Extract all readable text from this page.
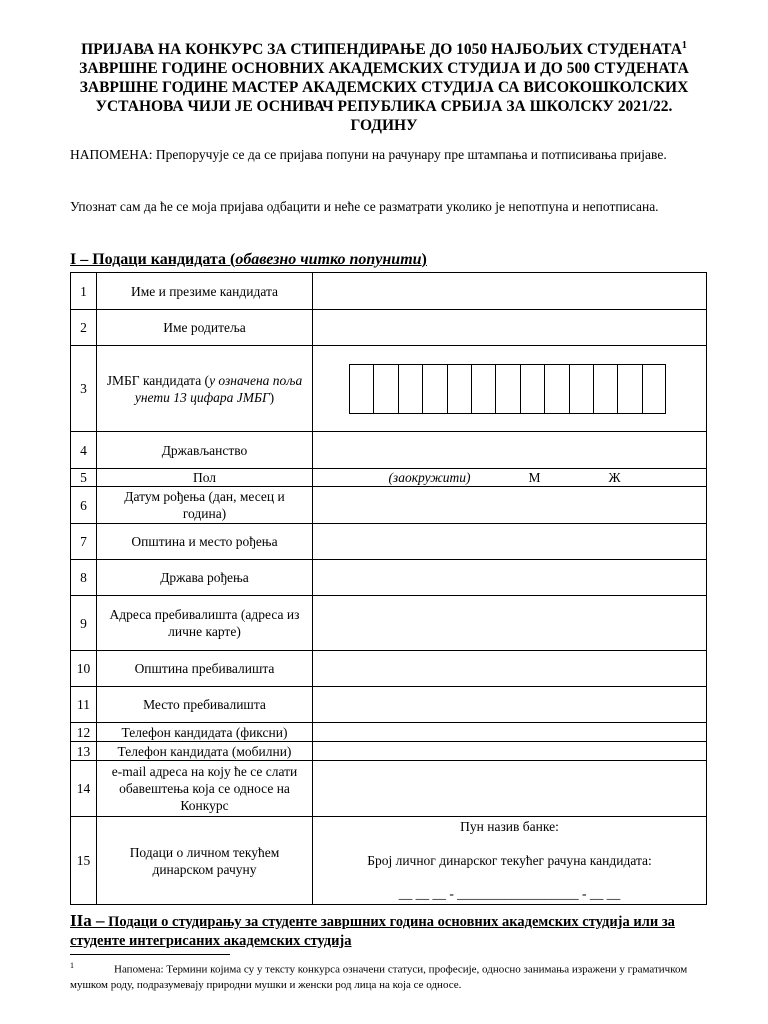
ПРИЈАВА НА КОНКУРС ЗА СТИПЕНДИРАЊЕ ДО 1050 НАЈБОЉИХ СТУДЕНАТА$^1$ ЗАВРШНЕ ГОДИНЕ ОСНОВНИХ АКАДЕМСКИХ СТУДИЈА И ДО 500 СТУДЕНАТА ЗАВРШНЕ ГОДИНЕ МАСТЕР АКАДЕМСКИХ СТУДИЈА СА ВИСОКОШКОЛСКИХ УСТАНОВА ЧИЈИ ЈЕ ОСНИВАЧ РЕПУБЛИКА СРБИЈА ЗА ШКОЛСКУ 2021/22. ГОДИНУ
НАПОМЕНА: Препоручује се да се пријава попуни на рачунару пре штампања и потписивања пријаве.
Упознат сам да ће се моја пријава одбацити и неће се разматрати уколико је непотпуна и непотписана.
I – Подаци кандидата (обавезно читко попунити)
1	Име и презиме кандидата	
2	Име родитеља	
3	ЈМБГ кандидата (у означена поља унети 13 цифара ЈМБГ)	

4	Држављанство	
5	Пол	(заокружити) М Ж

6	Датум рођења (дан, месец и година)	
7	Општина и место рођења	
8	Држава рођења	
9	Адреса пребивалишта (адреса из личне карте)	
10	Општина пребивалишта	
11	Место пребивалишта	
12	Телефон кандидата (фиксни)	
13	Телефон кандидата (мобилни)	
14	e-mail адреса на коју ће се слати обавештења која се односе на Конкурс	
15	Подаци о личном текућем динарском рачуну	Пун назив банке:
Број личног динарског текућег рачуна кандидата:
__ __ __ - __________________ - __ __
IIа – Подаци о студирању за студенте завршних година основних академских студија или за студенте интегрисаних академских студија
$^1$	Напомена: Термини којима су у тексту конкурса означени статуси, професије, односно занимања изражени у граматичком мушком роду, подразумевају природни мушки и женски род лица на која се односе.
